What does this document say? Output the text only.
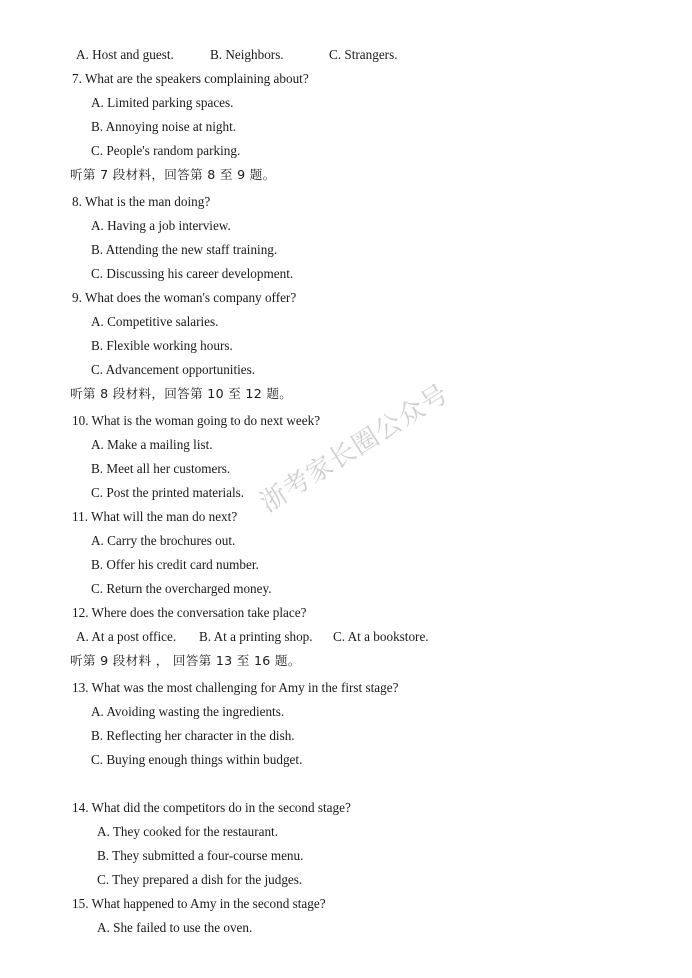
A. Host and guest.	B. Neighbors.	C. Strangers.
7. What are the speakers complaining about?
A. Limited parking spaces.
B. Annoying noise at night.
C. People's random parking.
听第 7 段材料，回答第 8 至 9 题。
8. What is the man doing?
A. Having a job interview.
B. Attending the new staff training.
C. Discussing his career development.
9. What does the woman's company offer?
A. Competitive salaries.
B. Flexible working hours.
C. Advancement opportunities.
听第 8 段材料，回答第 10 至 12 题。
10. What is the woman going to do next week?
A. Make a mailing list.
B. Meet all her customers.
C. Post the printed materials.
11. What will the man do next?
A. Carry the brochures out.
B. Offer his credit card number.
C. Return the overcharged money.
12. Where does the conversation take place?
A. At a post office. B. At a printing shop. C. At a bookstore.
听第 9 段材料 ， 回答第 13 至 16 题。
13. What was the most challenging for Amy in the first stage?
A. Avoiding wasting the ingredients.
B. Reflecting her character in the dish.
C. Buying enough things within budget.
14. What did the competitors do in the second stage?
A. They cooked for the restaurant.
B. They submitted a four-course menu.
C. They prepared a dish for the judges.
15. What happened to Amy in the second stage?
A. She failed to use the oven.
浙考家长圈公众号
